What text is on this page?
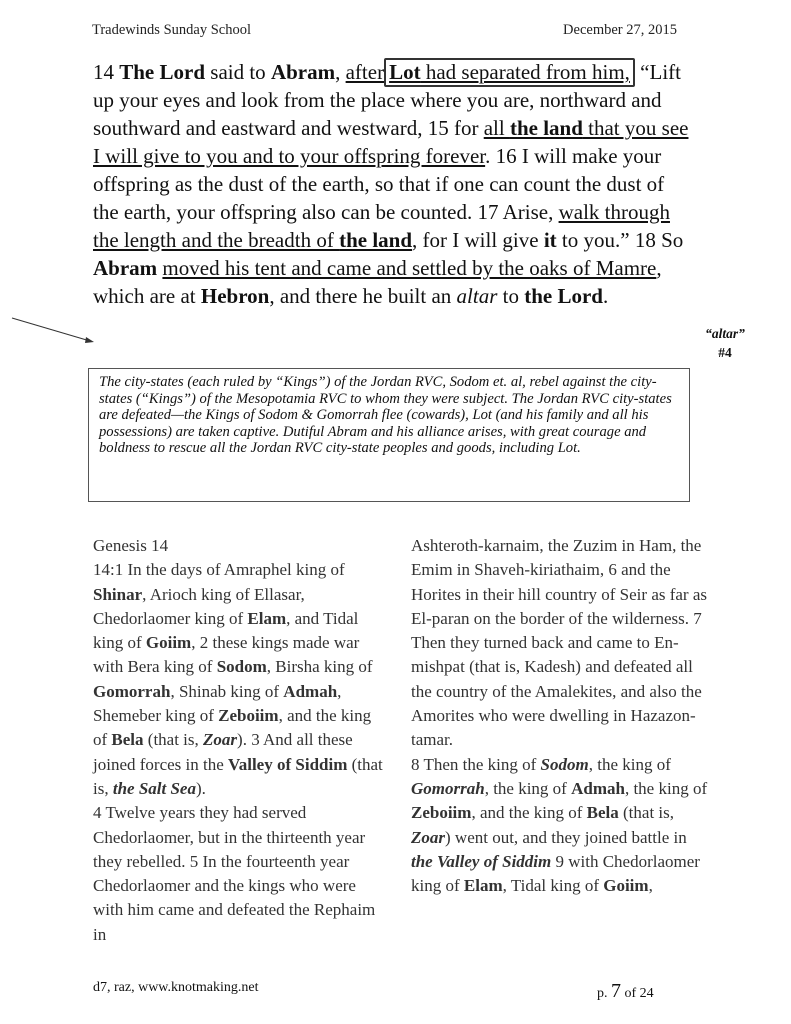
Tradewinds Sunday School	December 27, 2015

14 The Lord said to Abram, after Lot had separated from him, “Lift up your eyes and look from the place where you are, northward and southward and eastward and westward, 15 for all the land that you see I will give to you and to your offspring forever. 16 I will make your offspring as the dust of the earth, so that if one can count the dust of the earth, your offspring also can be counted. 17 Arise, walk through the length and the breadth of the land, for I will give it to you.” 18 So Abram moved his tent and came and settled by the oaks of Mamre, which are at Hebron, and there he built an altar to the Lord.

“altar”
#4
The city-states (each ruled by “Kings”) of the Jordan RVC, Sodom et. al, rebel against the city-states (“Kings”) of the Mesopotamia RVC to whom they were subject. The Jordan RVC city-states are defeated—the Kings of Sodom & Gomorrah flee (cowards), Lot (and his family and all his possessions) are taken captive. Dutiful Abram and his alliance arises, with great courage and boldness to rescue all the Jordan RVC city-state peoples and goods, including Lot.

Genesis 14

14:1 In the days of Amraphel king of Shinar, Arioch king of Ellasar, Chedorlaomer king of Elam, and Tidal king of Goiim, 2 these kings made war with Bera king of Sodom, Birsha king of Gomorrah, Shinab king of Admah, Shemeber king of Zeboiim, and the king of Bela (that is, Zoar). 3 And all these joined forces in the Valley of Siddim (that is, the Salt Sea).

4 Twelve years they had served Chedorlaomer, but in the thirteenth year they rebelled. 5 In the fourteenth year Chedorlaomer and the kings who were with him came and defeated the Rephaim in

Ashteroth-karnaim, the Zuzim in Ham, the Emim in Shaveh-kiriathaim, 6 and the Horites in their hill country of Seir as far as El-paran on the border of the wilderness. 7 Then they turned back and came to En-mishpat (that is, Kadesh) and defeated all the country of the Amalekites, and also the Amorites who were dwelling in Hazazon-tamar.

8 Then the king of Sodom, the king of Gomorrah, the king of Admah, the king of Zeboiim, and the king of Bela (that is, Zoar) went out, and they joined battle in the Valley of Siddim 9 with Chedorlaomer king of Elam, Tidal king of Goiim,

d7, raz, www.knotmaking.net	p. 7 of 24
